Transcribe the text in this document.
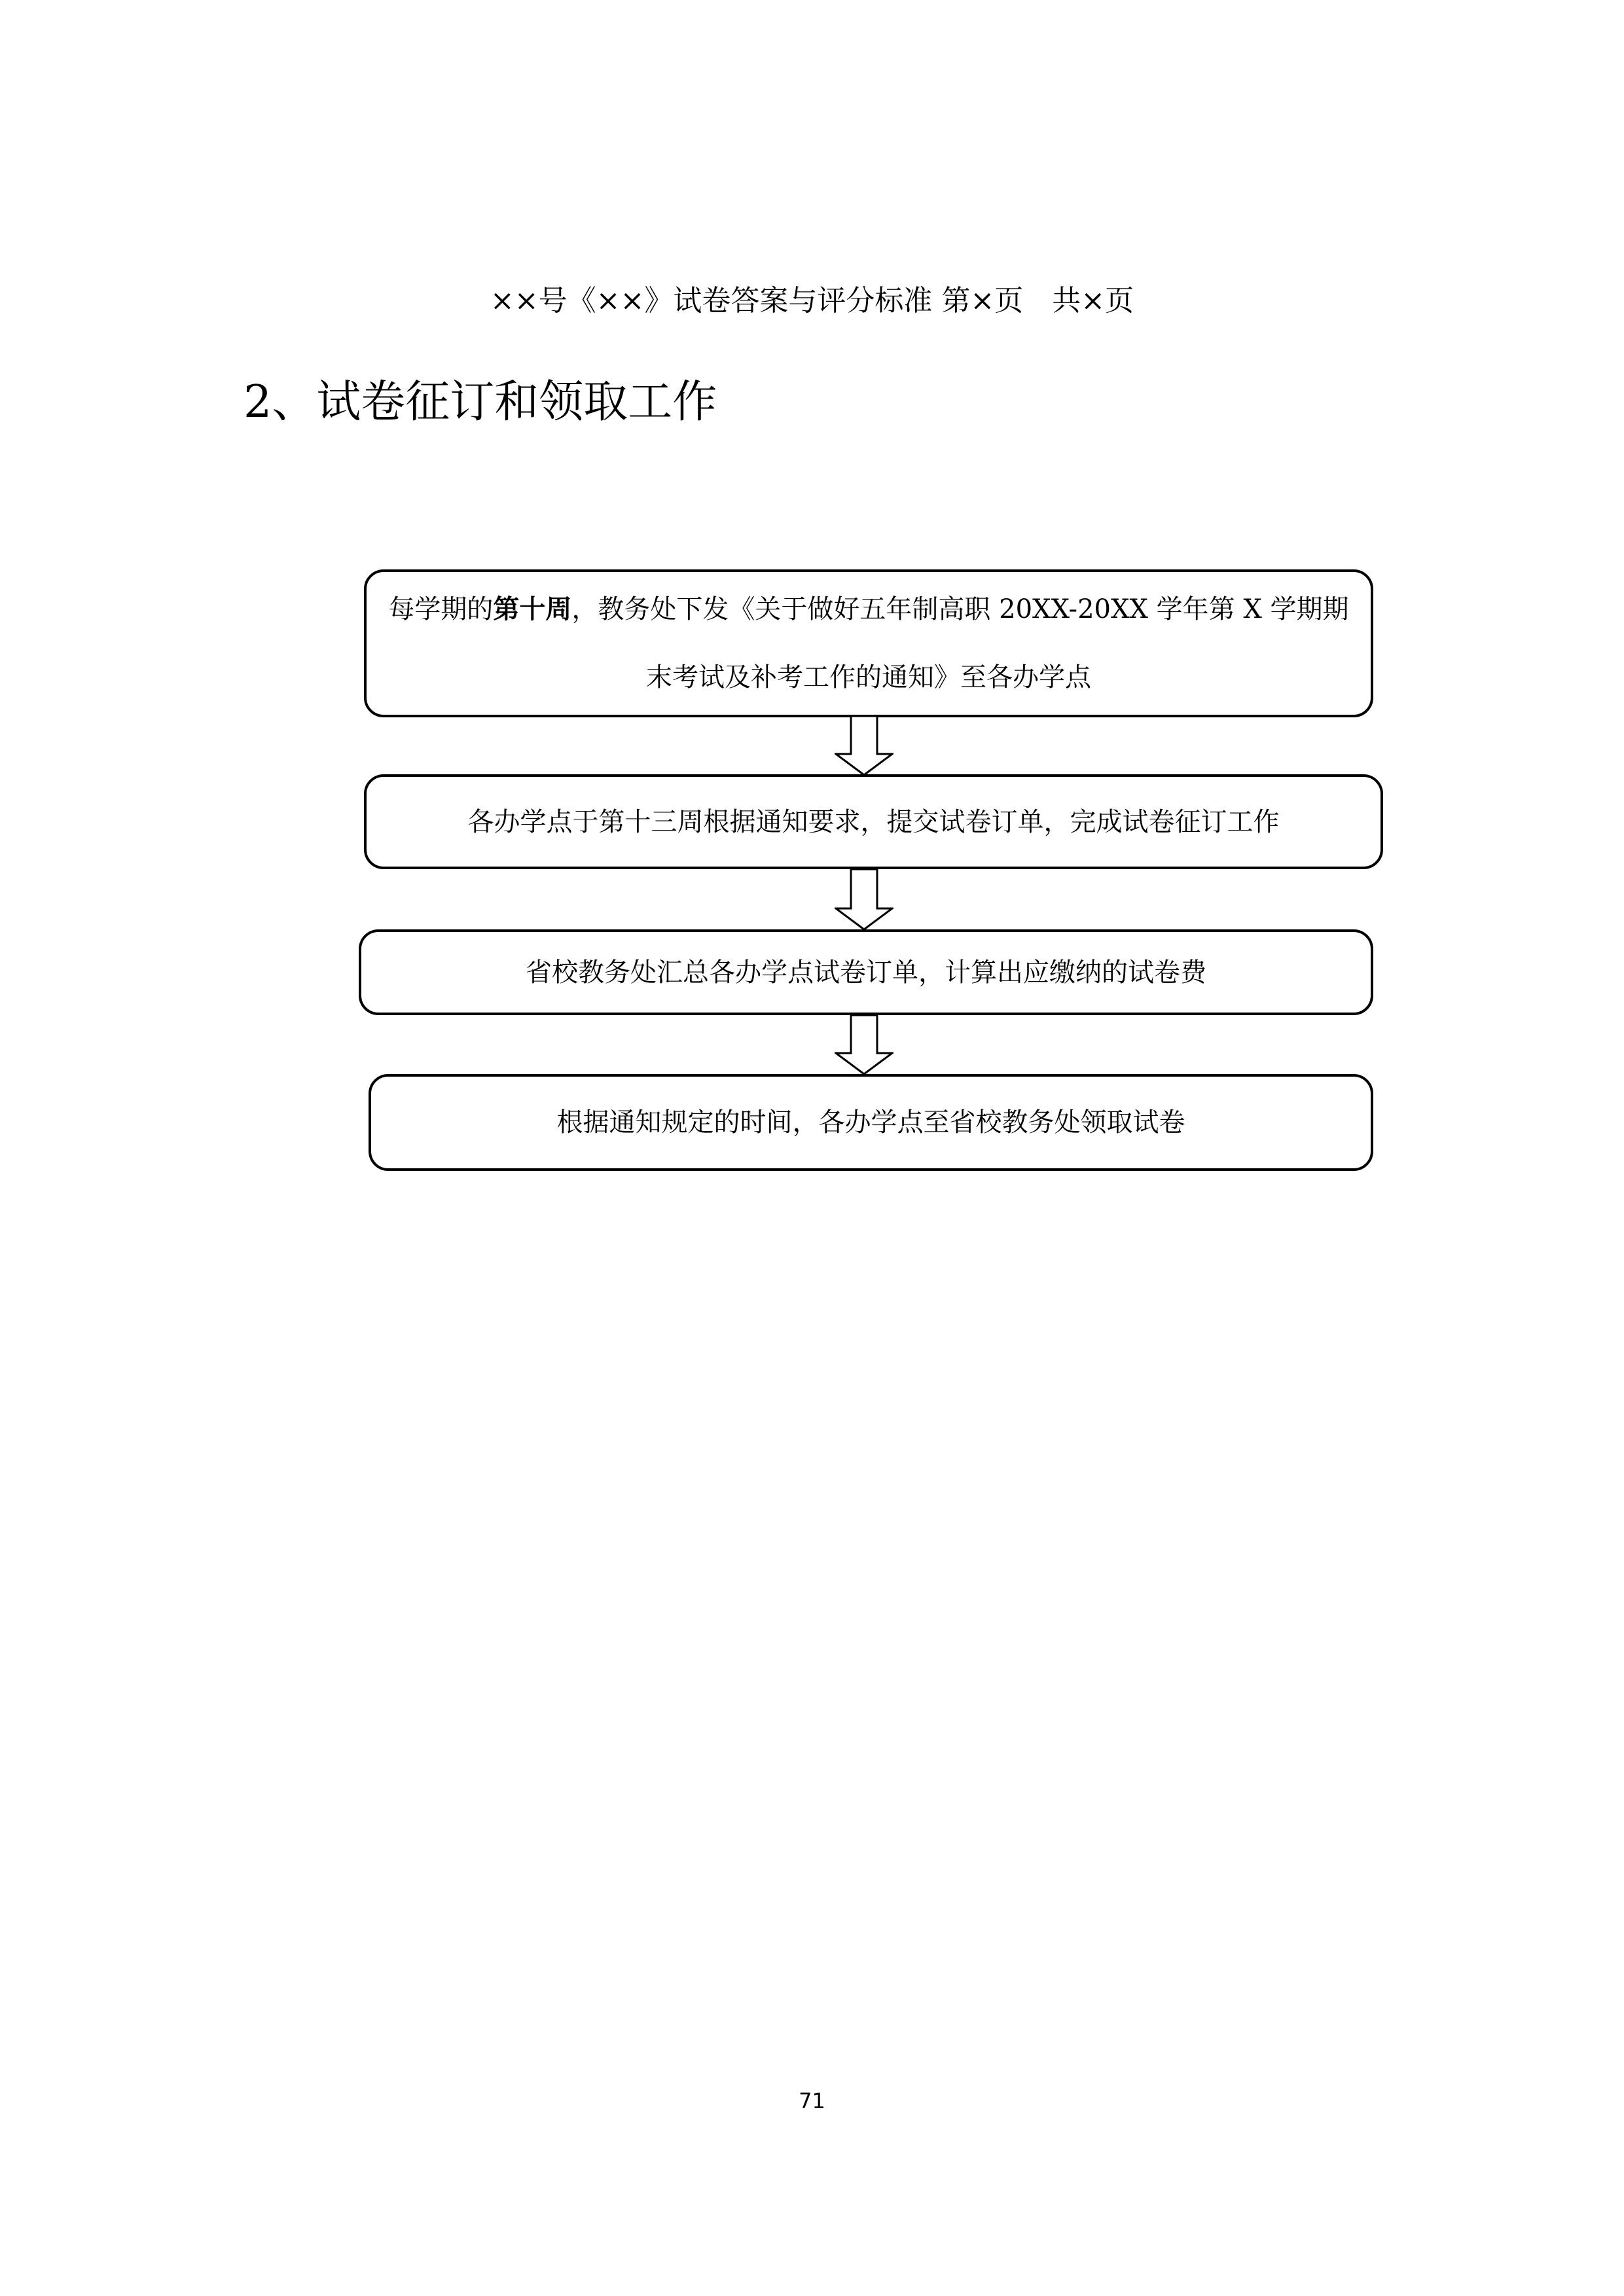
××号《××》试卷答案与评分标准 第×页　共×页
2、试卷征订和领取工作
每学期的第十周，教务处下发《关于做好五年制高职 20XX-20XX 学年第 X 学期期末考试及补考工作的通知》至各办学点
各办学点于第十三周根据通知要求，提交试卷订单，完成试卷征订工作
省校教务处汇总各办学点试卷订单，计算出应缴纳的试卷费
根据通知规定的时间，各办学点至省校教务处领取试卷
71
